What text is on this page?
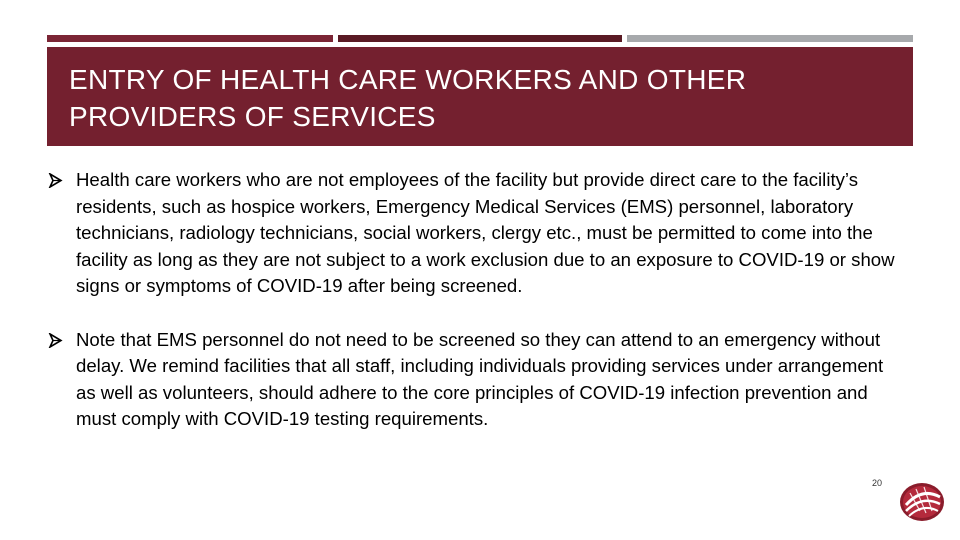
ENTRY OF HEALTH CARE WORKERS AND OTHER PROVIDERS OF SERVICES
Health care workers who are not employees of the facility but provide direct care to the facility’s residents, such as hospice workers, Emergency Medical Services (EMS) personnel, laboratory technicians, radiology technicians, social workers, clergy etc., must be permitted to come into the facility as long as they are not subject to a work exclusion due to an exposure to COVID-19 or show signs or symptoms of COVID-19 after being screened.
Note that EMS personnel do not need to be screened so they can attend to an emergency without delay. We remind facilities that all staff, including individuals providing services under arrangement as well as volunteers, should adhere to the core principles of COVID-19 infection prevention and must comply with COVID-19 testing requirements.
20
